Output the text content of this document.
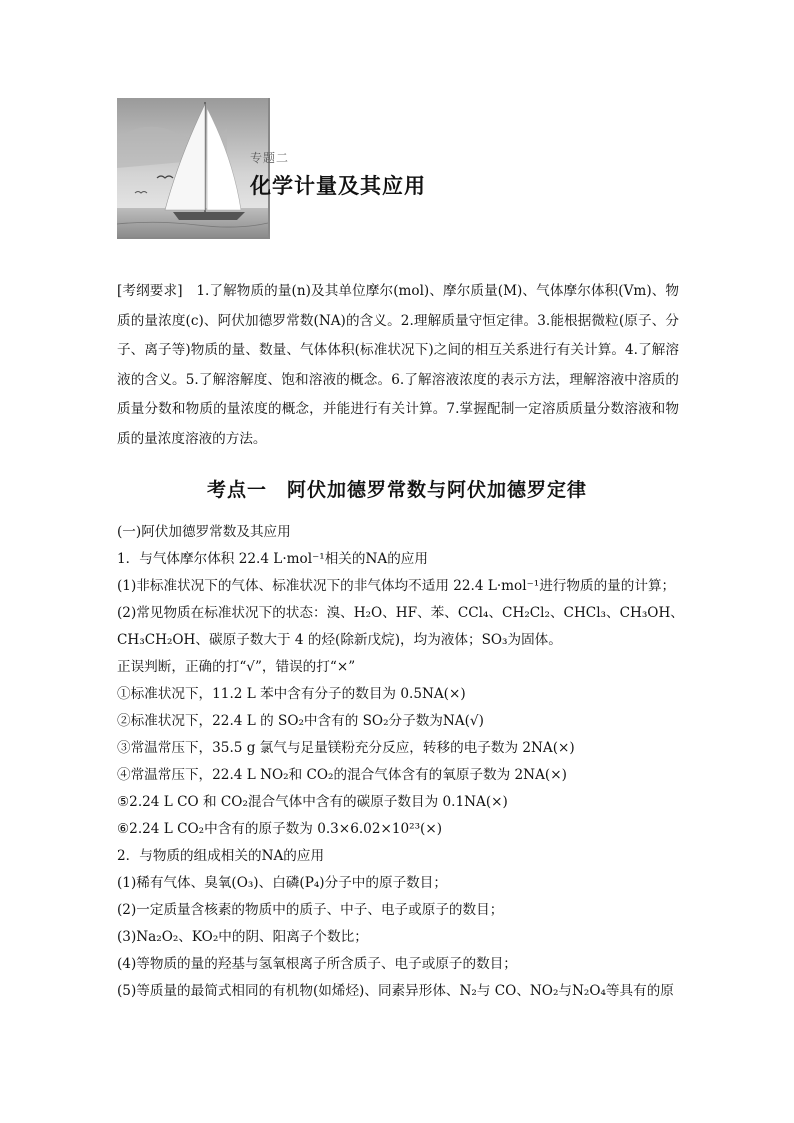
专题二
化学计量及其应用

[考纲要求]　 1.了解物质的量(n)及其单位摩尔(mol)、摩尔质量(M)、气体摩尔体积(Vm)、物质的量浓度(c)、阿伏加德罗常数(NA)的含义。2.理解质量守恒定律。3.能根据微粒(原子、分子、离子等)物质的量、数量、气体体积(标准状况下)之间的相互关系进行有关计算。4.了解溶液的含义。5.了解溶解度、饱和溶液的概念。6.了解溶液浓度的表示方法，理解溶液中溶质的质量分数和物质的量浓度的概念，并能进行有关计算。7.掌握配制一定溶质质量分数溶液和物质的量浓度溶液的方法。

考点一　阿伏加德罗常数与阿伏加德罗定律
(一)阿伏加德罗常数及其应用
1．与气体摩尔体积 22.4 L·mol⁻¹相关的NA的应用
(1)非标准状况下的气体、标准状况下的非气体均不适用 22.4 L·mol⁻¹进行物质的量的计算；
(2)常见物质在标准状况下的状态：溴、H₂O、HF、苯、CCl₄、CH₂Cl₂、CHCl₃、CH₃OH、
CH₃CH₂OH、碳原子数大于 4 的烃(除新戊烷)，均为液体；SO₃为固体。
正误判断，正确的打“√”，错误的打“×”
①标准状况下，11.2 L 苯中含有分子的数目为 0.5NA(×)
②标准状况下，22.4 L 的 SO₂中含有的 SO₂分子数为NA(√)
③常温常压下，35.5 g 氯气与足量镁粉充分反应，转移的电子数为 2NA(×)
④常温常压下，22.4 L NO₂和 CO₂的混合气体含有的氧原子数为 2NA(×)
⑤2.24 L CO 和 CO₂混合气体中含有的碳原子数目为 0.1NA(×)
⑥2.24 L CO₂中含有的原子数为 0.3×6.02×10²³(×)
2．与物质的组成相关的NA的应用
(1)稀有气体、臭氧(O₃)、白磷(P₄)分子中的原子数目；
(2)一定质量含核素的物质中的质子、中子、电子或原子的数目；
(3)Na₂O₂、KO₂中的阴、阳离子个数比；
(4)等物质的量的羟基与氢氧根离子所含质子、电子或原子的数目；
(5)等质量的最简式相同的有机物(如烯烃)、同素异形体、N₂与 CO、NO₂与N₂O₄等具有的原
